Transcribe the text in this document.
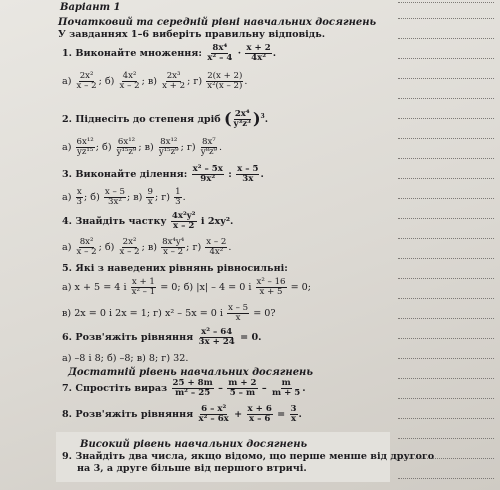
Варіант 1
Початковий та середній рівні навчальних досягнень
У завданнях 1–6 виберіть правильну відповідь.
1. Виконайте множення: $\frac{\text{8x⁴}}{\text{x² – 4}} \cdot \frac{x + 2}{\text{4x²}}$ .
$а) \frac{\text{2x²}}{x - 2}$ ; $б) \frac{\text{4x²}}{x - 2}$ ; $в) \frac{\text{2x³}}{x + 2}$ ; $г) \frac{2(x + 2)}{\text{x²(x – 2)}}$ .
2. Піднесіть до степеня дріб ( $\frac{\text{2x⁴}}{\text{y³z³}} )^3$.
$а) \frac{\text{6x¹²}}{\text{yz¹⁵}}$ ; $б) \frac{\text{6x¹²}}{\text{y¹⁵z⁹}}$ ; $в) \frac{\text{8x¹²}}{\text{y¹⁵z⁹}}$ ; $г) \frac{\text{8x⁷}}{\text{y⁸z⁹}}$ .
3. Виконайте ділення: $\frac{\text{x² – 5x}}{\text{9x²}}$ : $\frac{x - 5}{3x}$ .
$а) \frac{x}{3}$ ; $б) \frac{x - 5}{\text{3x²}}$ ; $в) \frac{9}{x}$ ; $г) \frac{1}{3}$ .
4. Знайдіть частку $\frac{\text{4x²y²}}{x - 2}$ і 2xy².
$а) \frac{\text{8x²}}{x - 2}$ ; $б) \frac{\text{2x²}}{x - 2}$ ; $в) \frac{\text{8x⁴y⁴}}{x - 2}$ ; $г) \frac{x - 2}{\text{4x²}}$ .
5. Які з наведених рівнянь рівносильні:
а) x + 5 = 4 і $\frac{x + 1}{\text{x² – 1}} = 0$; б) |x| – 4 = 0 і $\frac{\text{x² – 16}}{x + 5} = 0$;
в) 2x = 0 і 2x = 1; г) x² – 5x = 0 і $\frac{x - 5}{x} = 0$?
6. Розв'яжіть рівняння $\frac{\text{x² – 64}}{3x + 24} = 0$.
а) –8 і 8; б) –8; в) 8; г) 32.
Достатній рівень навчальних досягнень
7. Спростіть вираз $\frac{25 + 8m}{\text{m² – 25}} - \frac{m + 2}{5 - m} - \frac{m}{m + 5}$ .
8. Розв'яжіть рівняння $\frac{\text{6 – x²}}{\text{x² – 6x}} + \frac{x + 6}{x - 6} = \frac{3}{x}$ .
Високий рівень навчальних досягнень
9. Знайдіть два числа, якщо відомо, що перше менше від другого
на 3, а друге більше від першого втричі.
